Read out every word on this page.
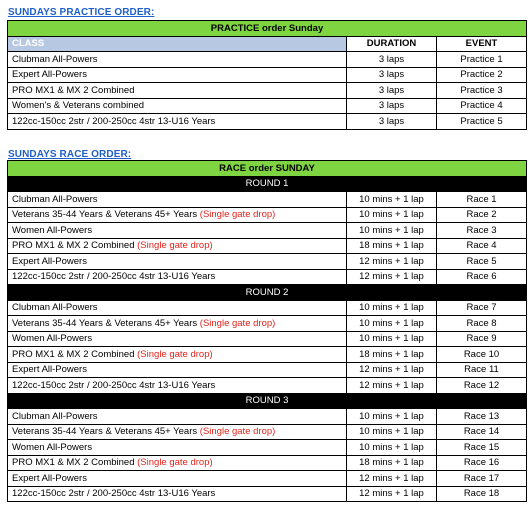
SUNDAYS PRACTICE ORDER:
PRACTICE order Sunday		
CLASS	DURATION	EVENT
Clubman All-Powers	3 laps	Practice 1
Expert All-Powers	3 laps	Practice 2
PRO MX1 & MX 2 Combined	3 laps	Practice 3
Women's & Veterans combined	3 laps	Practice 4
122cc-150cc 2str / 200-250cc 4str 13-U16 Years	3 laps	Practice 5
SUNDAYS RACE ORDER:
RACE order SUNDAY		
ROUND 1		
Clubman All-Powers	10 mins + 1 lap	Race 1
Veterans 35-44 Years & Veterans 45+ Years (Single gate drop)	10 mins + 1 lap	Race 2
Women All-Powers	10 mins + 1 lap	Race 3
PRO MX1 & MX 2 Combined (Single gate drop)	18 mins + 1 lap	Race 4
Expert All-Powers	12 mins + 1 lap	Race 5
122cc-150cc 2str / 200-250cc 4str 13-U16 Years	12 mins + 1 lap	Race 6
ROUND 2		
Clubman All-Powers	10 mins + 1 lap	Race 7
Veterans 35-44 Years & Veterans 45+ Years (Single gate drop)	10 mins + 1 lap	Race 8
Women All-Powers	10 mins + 1 lap	Race 9
PRO MX1 & MX 2 Combined (Single gate drop)	18 mins + 1 lap	Race 10
Expert All-Powers	12 mins + 1 lap	Race 11
122cc-150cc 2str / 200-250cc 4str 13-U16 Years	12 mins + 1 lap	Race 12
ROUND 3		
Clubman All-Powers	10 mins + 1 lap	Race 13
Veterans 35-44 Years & Veterans 45+ Years (Single gate drop)	10 mins + 1 lap	Race 14
Women All-Powers	10 mins + 1 lap	Race 15
PRO MX1 & MX 2 Combined (Single gate drop)	18 mins + 1 lap	Race 16
Expert All-Powers	12 mins + 1 lap	Race 17
122cc-150cc 2str / 200-250cc 4str 13-U16 Years	12 mins + 1 lap	Race 18
